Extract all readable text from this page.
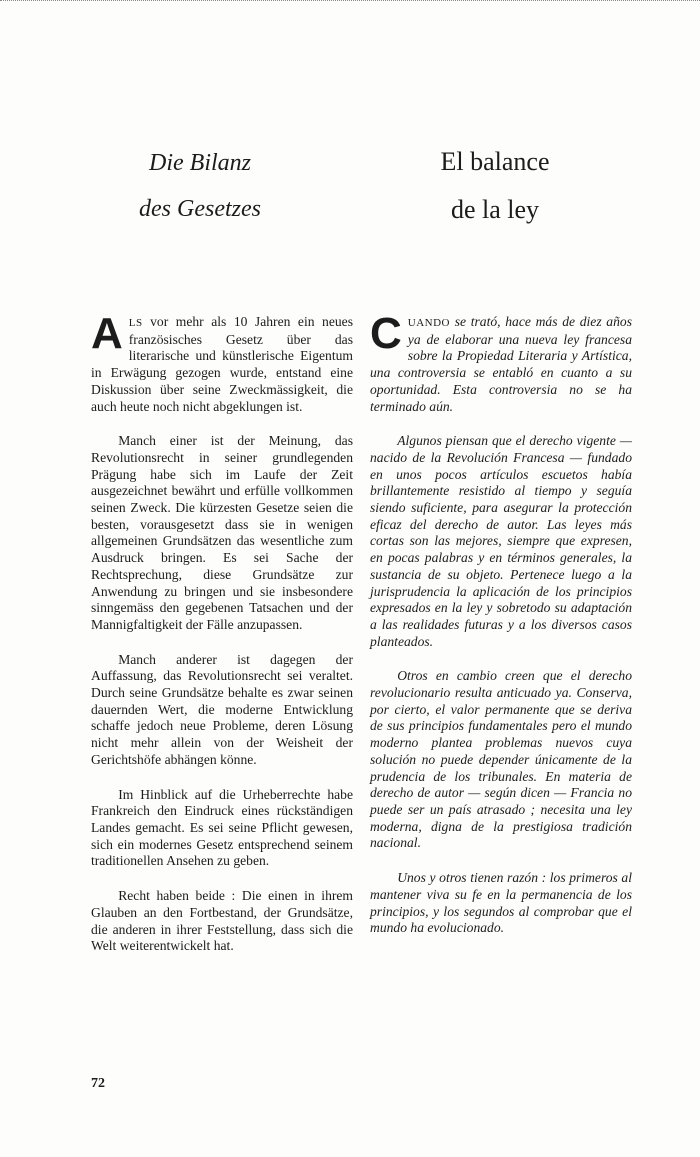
Die Bilanz
des Gesetzes
El balance
de la ley

ALS vor mehr als 10 Jahren ein neues französisches Gesetz über das literarische und künstlerische Eigentum in Erwägung gezogen wurde, entstand eine Diskussion über seine Zweckmässigkeit, die auch heute noch nicht abgeklungen ist.

Manch einer ist der Meinung, das Revolutionsrecht in seiner grundlegenden Prägung habe sich im Laufe der Zeit ausgezeichnet bewährt und erfülle vollkommen seinen Zweck. Die kürzesten Gesetze seien die besten, vorausgesetzt dass sie in wenigen allgemeinen Grundsätzen das wesentliche zum Ausdruck bringen. Es sei Sache der Rechtsprechung, diese Grundsätze zur Anwendung zu bringen und sie insbesondere sinngemäss den gegebenen Tatsachen und der Mannigfaltigkeit der Fälle anzupassen.

Manch anderer ist dagegen der Auffassung, das Revolutionsrecht sei veraltet. Durch seine Grundsätze behalte es zwar seinen dauernden Wert, die moderne Entwicklung schaffe jedoch neue Probleme, deren Lösung nicht mehr allein von der Weisheit der Gerichtshöfe abhängen könne.

Im Hinblick auf die Urheberrechte habe Frankreich den Eindruck eines rückständigen Landes gemacht. Es sei seine Pflicht gewesen, sich ein modernes Gesetz entsprechend seinem traditionellen Ansehen zu geben.

Recht haben beide : Die einen in ihrem Glauben an den Fortbestand, der Grundsätze, die anderen in ihrer Feststellung, dass sich die Welt weiterentwickelt hat.

CUANDO se trató, hace más de diez años ya de elaborar una nueva ley francesa sobre la Propiedad Literaria y Artística, una controversia se entabló en cuanto a su oportunidad. Esta controversia no se ha terminado aún.

Algunos piensan que el derecho vigente — nacido de la Revolución Francesa — fundado en unos pocos artículos escuetos había brillantemente resistido al tiempo y seguía siendo suficiente, para asegurar la protección eficaz del derecho de autor. Las leyes más cortas son las mejores, siempre que expresen, en pocas palabras y en términos generales, la sustancia de su objeto. Pertenece luego a la jurisprudencia la aplicación de los principios expresados en la ley y sobretodo su adaptación a las realidades futuras y a los diversos casos planteados.

Otros en cambio creen que el derecho revolucionario resulta anticuado ya. Conserva, por cierto, el valor permanente que se deriva de sus principios fundamentales pero el mundo moderno plantea problemas nuevos cuya solución no puede depender únicamente de la prudencia de los tribunales. En materia de derecho de autor — según dicen — Francia no puede ser un país atrasado ; necesita una ley moderna, digna de la prestigiosa tradición nacional.

Unos y otros tienen razón : los primeros al mantener viva su fe en la permanencia de los principios, y los segundos al comprobar que el mundo ha evolucionado.

72
